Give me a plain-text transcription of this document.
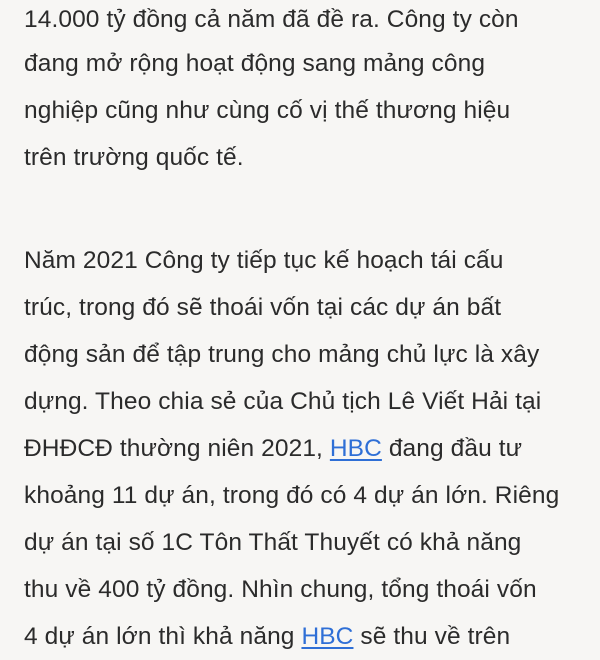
14.000 tỷ đồng cả năm đã đề ra. Công ty còn
đang mở rộng hoạt động sang mảng công
nghiệp cũng như cùng cố vị thế thương hiệu
trên trường quốc tế.

Năm 2021 Công ty tiếp tục kế hoạch tái cấu
trúc, trong đó sẽ thoái vốn tại các dự án bất
động sản để tập trung cho mảng chủ lực là xây
dựng. Theo chia sẻ của Chủ tịch Lê Viết Hải tại
ĐHĐCĐ thường niên 2021, HBC đang đầu tư
khoảng 11 dự án, trong đó có 4 dự án lớn. Riêng
dự án tại số 1C Tôn Thất Thuyết có khả năng
thu về 400 tỷ đồng. Nhìn chung, tổng thoái vốn
4 dự án lớn thì khả năng HBC sẽ thu về trên
